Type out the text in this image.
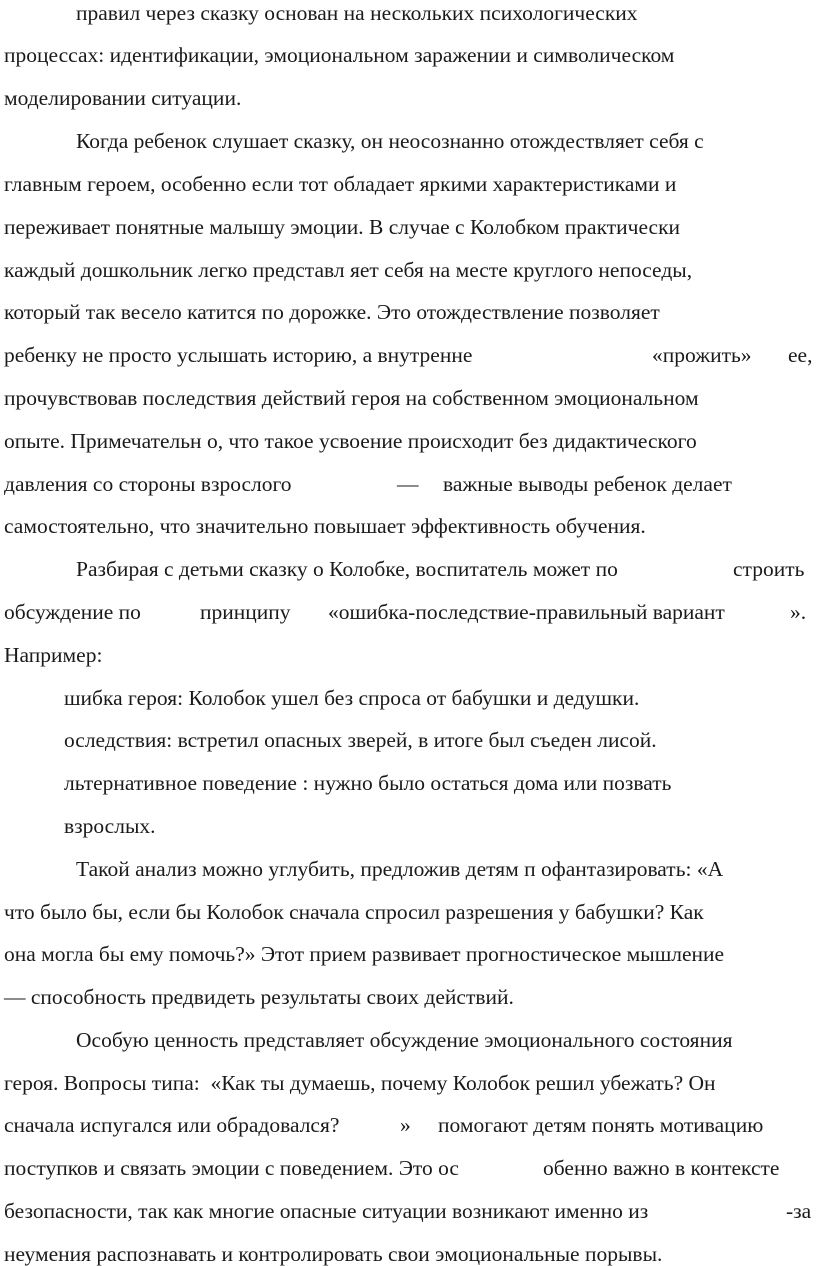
правил через сказку основан на нескольких психологических
процессах: идентификации, эмоциональном заражении и символическом
моделировании ситуации.
Когда ребенок слушает сказку, он неосознанно отождествляет себя с
главным героем, особенно если тот обладает яркими характеристиками и
переживает понятные малышу эмоции. В случае с Колобком практически
каждый дошкольник легко представл яет себя на месте круглого непоседы,
который так весело катится по дорожке. Это отождествление позволяет
ребенку не просто услышать историю, а внутренне	«прожить» ее,
прочувствовав последствия действий героя на собственном эмоциональном
опыте. Примечательн о, что такое усвоение происходит без дидактического
давления со стороны взрослого	— важные выводы ребенок делает
самостоятельно, что значительно повышает эффективность обучения.
Разбирая с детьми сказку о Колобке, воспитатель может по	строить
обсуждение по	принципу «ошибка-последствие-правильный вариант	».
Например:
шибка героя: Колобок ушел без спроса от бабушки и дедушки.
оследствия: встретил опасных зверей, в итоге был съеден лисой.
льтернативное поведение : нужно было остаться дома или позвать
взрослых.
Такой анализ можно углубить, предложив детям п офантазировать: «А
что было бы, если бы Колобок сначала спросил разрешения у бабушки? Как
она могла бы ему помочь?» Этот прием развивает прогностическое мышление
— способность предвидеть результаты своих действий.
Особую ценность представляет обсуждение эмоционального состояния
героя. Вопросы типа:  «Как ты думаешь, почему Колобок решил убежать? Он
сначала испугался или обрадовался?	» помогают детям понять мотивацию
поступков и связать эмоции с поведением. Это ос	обенно важно в контексте
безопасности, так как многие опасные ситуации возникают именно из	-за
неумения распознавать и контролировать свои эмоциональные порывы.
